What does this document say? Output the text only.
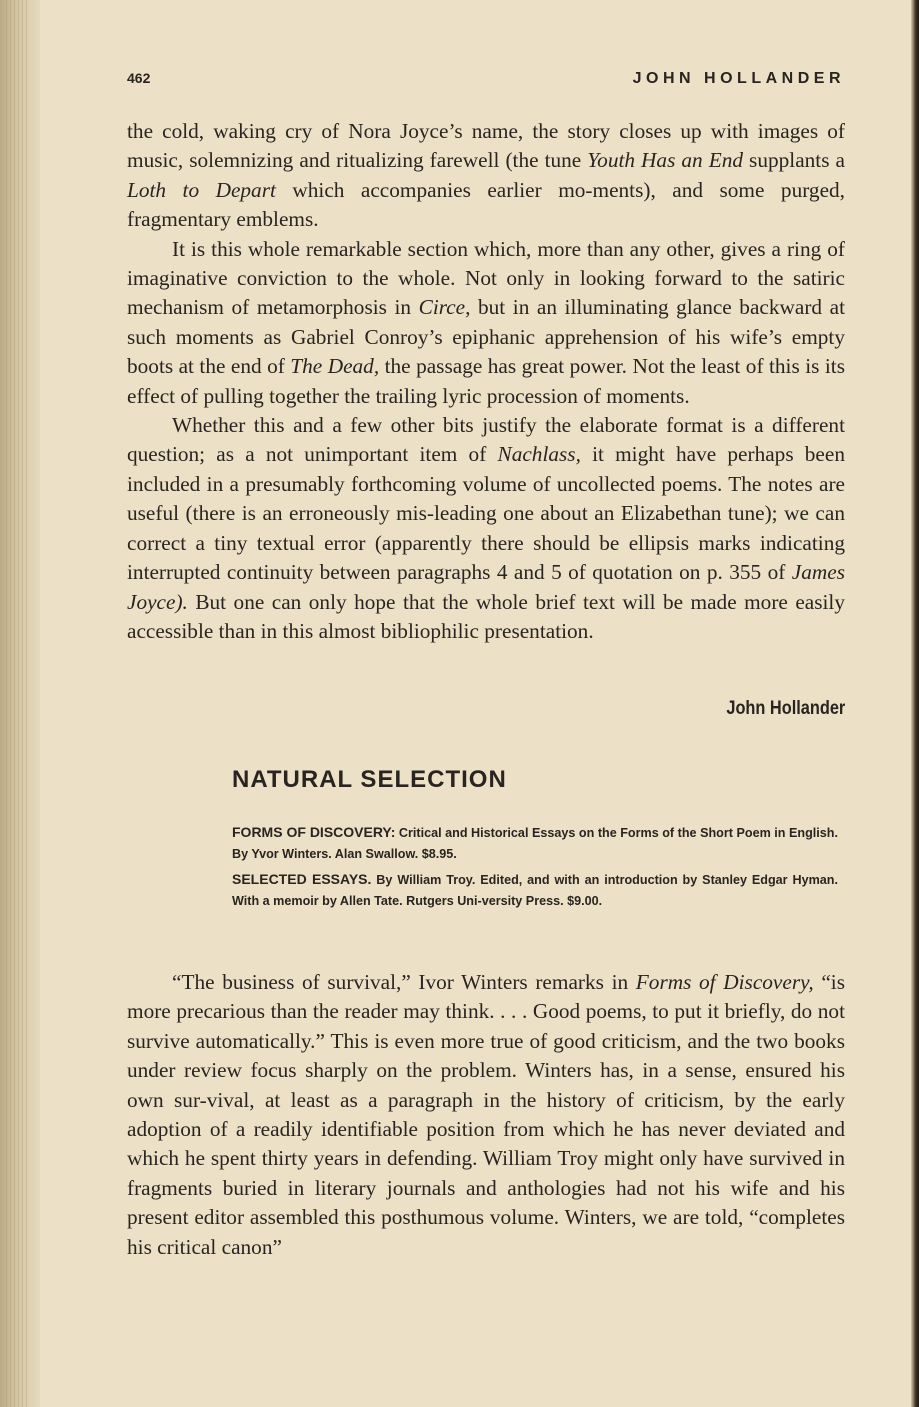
462	JOHN HOLLANDER

the cold, waking cry of Nora Joyce’s name, the story closes up with images of music, solemnizing and ritualizing farewell (the tune Youth Has an End supplants a Loth to Depart which accompanies earlier mo-ments), and some purged, fragmentary emblems.

It is this whole remarkable section which, more than any other, gives a ring of imaginative conviction to the whole. Not only in looking forward to the satiric mechanism of metamorphosis in Circe, but in an illuminating glance backward at such moments as Gabriel Conroy’s epiphanic apprehension of his wife’s empty boots at the end of The Dead, the passage has great power. Not the least of this is its effect of pulling together the trailing lyric procession of moments.

Whether this and a few other bits justify the elaborate format is a different question; as a not unimportant item of Nachlass, it might have perhaps been included in a presumably forthcoming volume of uncollected poems. The notes are useful (there is an erroneously mis-leading one about an Elizabethan tune); we can correct a tiny textual error (apparently there should be ellipsis marks indicating interrupted continuity between paragraphs 4 and 5 of quotation on p. 355 of James Joyce). But one can only hope that the whole brief text will be made more easily accessible than in this almost bibliophilic presentation.

John Hollander
NATURAL SELECTION

FORMS OF DISCOVERY: Critical and Historical Essays on the Forms of the Short Poem in English. By Yvor Winters. Alan Swallow. $8.95.

SELECTED ESSAYS. By William Troy. Edited, and with an introduction by Stanley Edgar Hyman. With a memoir by Allen Tate. Rutgers Uni-versity Press. $9.00.

“The business of survival,” Ivor Winters remarks in Forms of Discovery, “is more precarious than the reader may think. . . . Good poems, to put it briefly, do not survive automatically.” This is even more true of good criticism, and the two books under review focus sharply on the problem. Winters has, in a sense, ensured his own sur-vival, at least as a paragraph in the history of criticism, by the early adoption of a readily identifiable position from which he has never deviated and which he spent thirty years in defending. William Troy might only have survived in fragments buried in literary journals and anthologies had not his wife and his present editor assembled this posthumous volume. Winters, we are told, “completes his critical canon”
